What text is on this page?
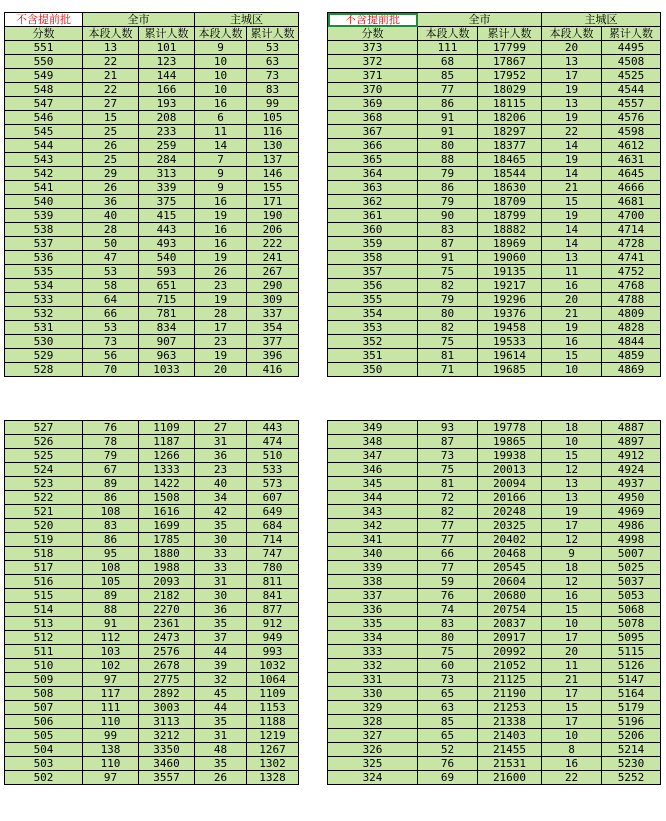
不含提前批	全市		主城区	
分数	本段人数	累计人数	本段人数	累计人数
551	13	101	9	53
550	22	123	10	63
549	21	144	10	73
548	22	166	10	83
547	27	193	16	99
546	15	208	6	105
545	25	233	11	116
544	26	259	14	130
543	25	284	7	137
542	29	313	9	146
541	26	339	9	155
540	36	375	16	171
539	40	415	19	190
538	28	443	16	206
537	50	493	16	222
536	47	540	19	241
535	53	593	26	267
534	58	651	23	290
533	64	715	19	309
532	66	781	28	337
531	53	834	17	354
530	73	907	23	377
529	56	963	19	396
528	70	1033	20	416
不含提前批	全市		主城区	
分数	本段人数	累计人数	本段人数	累计人数
373	111	17799	20	4495
372	68	17867	13	4508
371	85	17952	17	4525
370	77	18029	19	4544
369	86	18115	13	4557
368	91	18206	19	4576
367	91	18297	22	4598
366	80	18377	14	4612
365	88	18465	19	4631
364	79	18544	14	4645
363	86	18630	21	4666
362	79	18709	15	4681
361	90	18799	19	4700
360	83	18882	14	4714
359	87	18969	14	4728
358	91	19060	13	4741
357	75	19135	11	4752
356	82	19217	16	4768
355	79	19296	20	4788
354	80	19376	21	4809
353	82	19458	19	4828
352	75	19533	16	4844
351	81	19614	15	4859
350	71	19685	10	4869
527	76	1109	27	443
526	78	1187	31	474
525	79	1266	36	510
524	67	1333	23	533
523	89	1422	40	573
522	86	1508	34	607
521	108	1616	42	649
520	83	1699	35	684
519	86	1785	30	714
518	95	1880	33	747
517	108	1988	33	780
516	105	2093	31	811
515	89	2182	30	841
514	88	2270	36	877
513	91	2361	35	912
512	112	2473	37	949
511	103	2576	44	993
510	102	2678	39	1032
509	97	2775	32	1064
508	117	2892	45	1109
507	111	3003	44	1153
506	110	3113	35	1188
505	99	3212	31	1219
504	138	3350	48	1267
503	110	3460	35	1302
502	97	3557	26	1328
349	93	19778	18	4887
348	87	19865	10	4897
347	73	19938	15	4912
346	75	20013	12	4924
345	81	20094	13	4937
344	72	20166	13	4950
343	82	20248	19	4969
342	77	20325	17	4986
341	77	20402	12	4998
340	66	20468	9	5007
339	77	20545	18	5025
338	59	20604	12	5037
337	76	20680	16	5053
336	74	20754	15	5068
335	83	20837	10	5078
334	80	20917	17	5095
333	75	20992	20	5115
332	60	21052	11	5126
331	73	21125	21	5147
330	65	21190	17	5164
329	63	21253	15	5179
328	85	21338	17	5196
327	65	21403	10	5206
326	52	21455	8	5214
325	76	21531	16	5230
324	69	21600	22	5252
